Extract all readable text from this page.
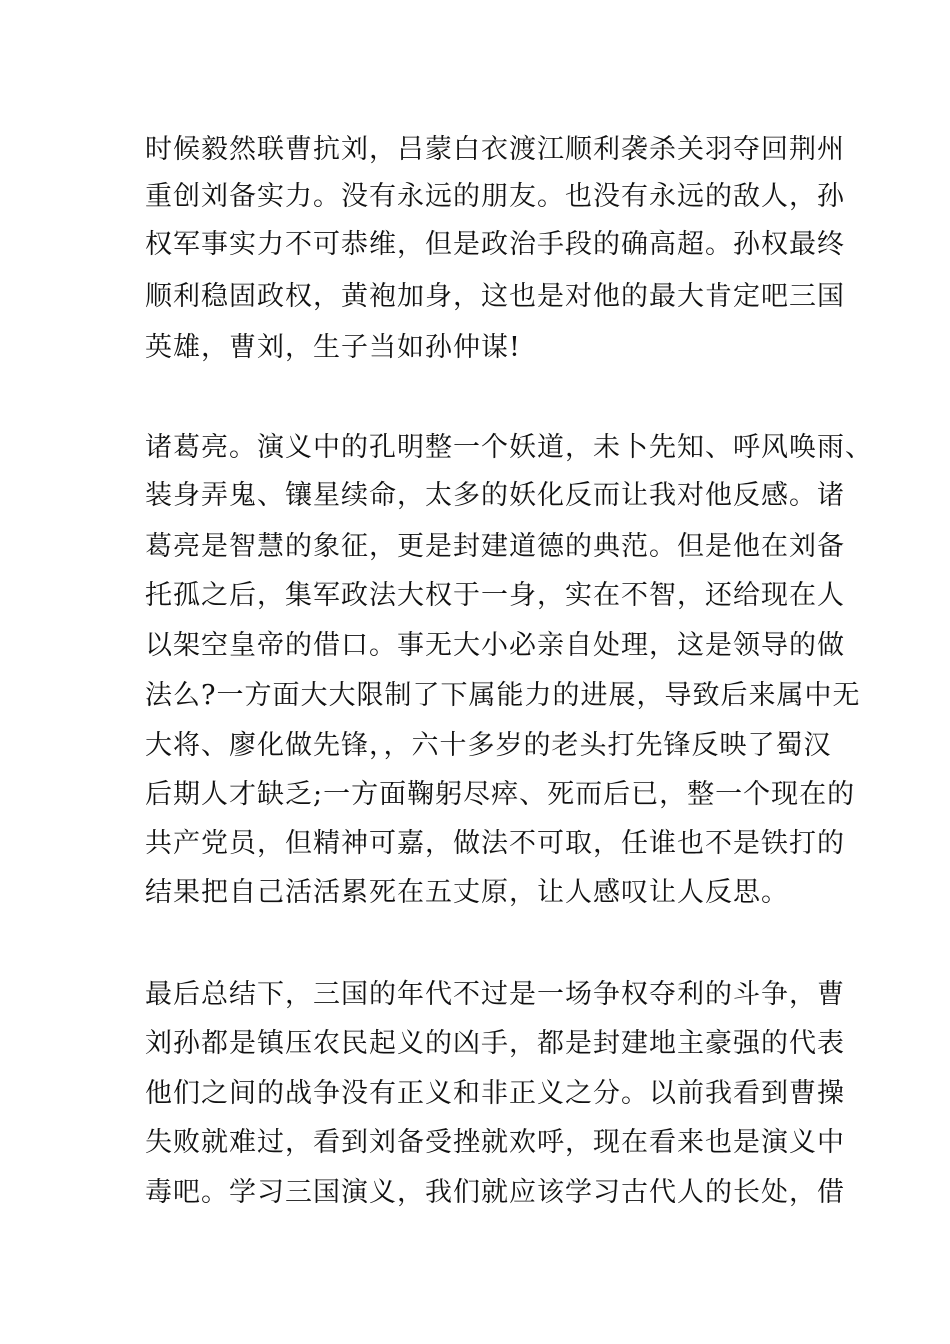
时候毅然联曹抗刘，吕蒙白衣渡江顺利袭杀关羽夺回荆州
重创刘备实力。没有永远的朋友。也没有永远的敌人，孙
权军事实力不可恭维，但是政治手段的确高超。孙权最终
顺利稳固政权，黄袍加身，这也是对他的最大肯定吧三国
英雄，曹刘，生子当如孙仲谋!
诸葛亮。演义中的孔明整一个妖道，未卜先知、呼风唤雨、
装身弄鬼、镶星续命，太多的妖化反而让我对他反感。诸
葛亮是智慧的象征，更是封建道德的典范。但是他在刘备
托孤之后，集军政法大权于一身，实在不智，还给现在人
以架空皇帝的借口。事无大小必亲自处理，这是领导的做
法么?一方面大大限制了下属能力的进展，导致后来属中无
大将、廖化做先锋，，六十多岁的老头打先锋反映了蜀汉
后期人才缺乏;一方面鞠躬尽瘁、死而后已，整一个现在的
共产党员，但精神可嘉，做法不可取，任谁也不是铁打的
结果把自己活活累死在五丈原，让人感叹让人反思。
最后总结下，三国的年代不过是一场争权夺利的斗争，曹
刘孙都是镇压农民起义的凶手，都是封建地主豪强的代表
他们之间的战争没有正义和非正义之分。以前我看到曹操
失败就难过，看到刘备受挫就欢呼，现在看来也是演义中
毒吧。学习三国演义，我们就应该学习古代人的长处，借
